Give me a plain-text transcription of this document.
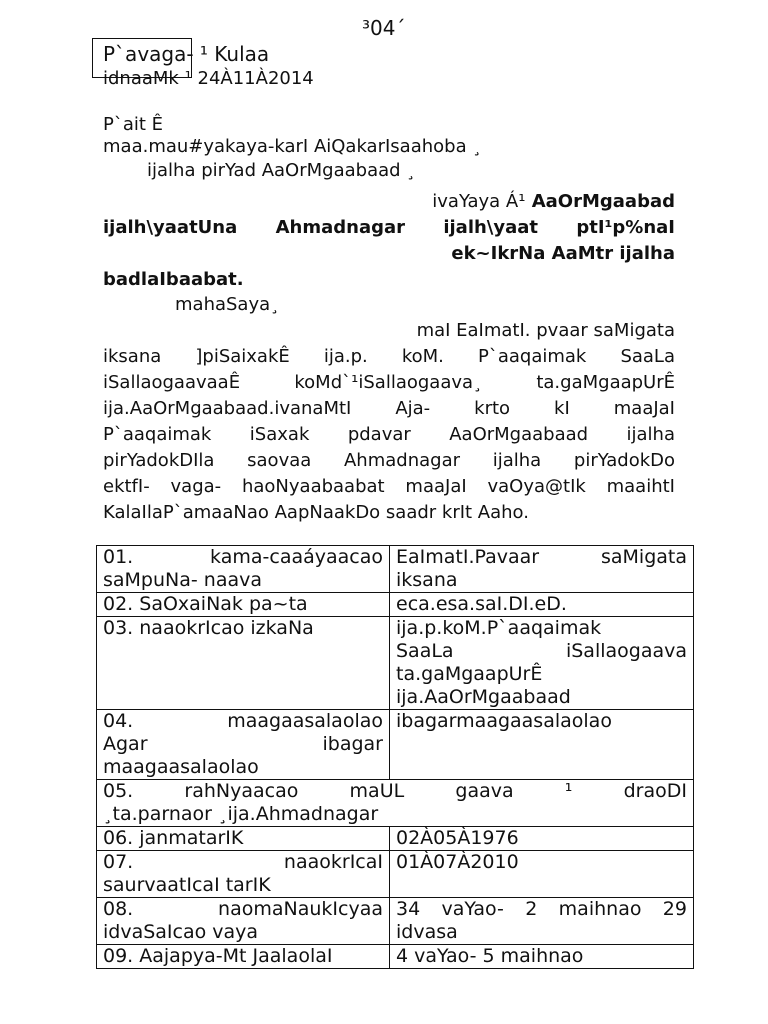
³04´
P`avaga- ¹ Kulaa
idnaaMk ¹ 24À11À2014
P`ait Ê
maa.mau#yakaya-karI AiQakarIsaahoba ¸
ijalha pirYad AaOrMgaabaad ¸
ivaYaya Á¹ AaOrMgaabad
ijalh\yaatUna Ahmadnagar ijalh\yaat ptI¹p%naI
ek~IkrNa AaMtr ijalha
badlaIbaabat.
mahaSaya¸
maI EaImatI. pvaar saMigata
iksana ]piSaixakÊ ija.p. koM. P`aaqaimak SaaLa
iSallaogaavaaÊ koMd`¹iSallaogaava¸ ta.gaMgaapUrÊ
ija.AaOrMgaabaad.ivanaMtI Aja- krto kI maaJaI
P`aaqaimak iSaxak pdavar AaOrMgaabaad ijalha
pirYadokDIla saovaa Ahmadnagar ijalha pirYadokDo
ektfI- vaga- haoNyaabaabat maaJaI vaOya@tIk maaihtI
KalaIlaP`amaaNao AapNaakDo saadr krIt Aaho.
01. kama-caaáyaacao
saMpuNa- naava	EaImatI.Pavaar saMigata
iksana

02. SaOxaiNak pa~ta	eca.esa.saI.DI.eD.

03. naaokrIcao izkaNa	ija.p.koM.P`aaqaimak
SaaLa iSallaogaava
ta.gaMgaapUrÊ
ija.AaOrMgaabaad

04. maagaasalaolao
Agar ibagar
maagaasalaolao	ibagarmaagaasalaolao

05. rahNyaacao maUL gaava ¹ draoDI
¸ta.parnaor ¸ija.Ahmadnagar	

06. janmatarIK	02À05À1976

07. naaokrIcaI
saurvaatIcaI tarIK	01À07À2010

08. naomaNaukIcyaa
idvaSaIcao vaya	34 vaYao- 2 maihnao 29
idvasa

09. Aajapya-Mt JaalaolaI	4 vaYao- 5 maihnao
